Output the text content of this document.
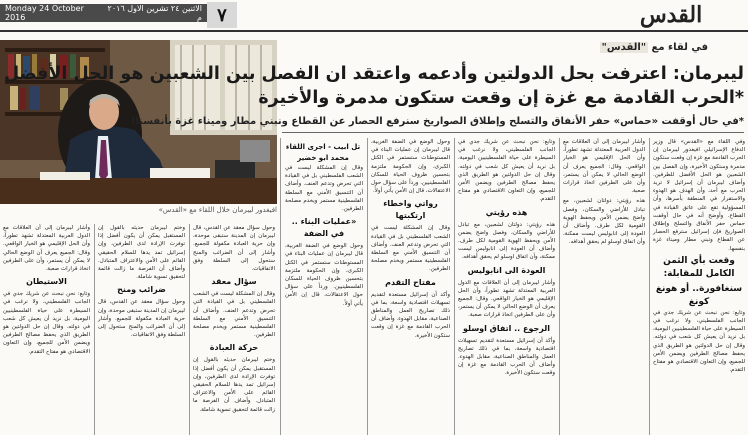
Monday 24 October 2016
الاثنين ٢٤ تشرين الاول ٢٠١٦ م ٧	القدس
في لقاء مع "القدس"
افيغدور ليبرمان خلال اللقاء مع «القدس»
ليبرمان: اعترفت بحل الدولتين وأدعمه واعتقد ان الفصل بين الشعبين هو الحل الأفضل
*الحرب القادمة مع غزة إن وقعت ستكون مدمرة والأخيرة
*في حال أوقفت «حماس» حفر الأنفاق والتسلح وإطلاق الصواريخ سنرفع الحصار عن القطاع ونبني مطار وميناء غزة بأنفسنا!
تل ابيب - اجرى اللقاء
محمد ابو خضير

وفي اللقاء مع «القدس» قال وزير الدفاع الإسرائيلي افيغدور ليبرمان إن الحرب القادمة مع غزة إن وقعت ستكون مدمرة وستكون الأخيرة، وإن الفصل بين الشعبين هو الحل الأفضل للطرفين. وأضاف ليبرمان أن إسرائيل لا تريد الحرب مع أحد، وأن الهدف هو الهدوء والاستقرار في المنطقة بأسرها، وأن المسؤولية تقع على عاتق القيادة في القطاع. وأوضح أنه في حال أوقفت حماس حفر الأنفاق والتسلح وإطلاق الصواريخ فإن إسرائيل سترفع الحصار عن القطاع وتبني مطار وميناء غزة بنفسها.

وقعت بأي الثمن الكامل للمقابلة:
سنغافورة.. أو هونغ كونغ

وتابع: نحن نبحث عن شريك جدي في الجانب الفلسطيني، ولا نرغب في السيطرة على حياة الفلسطينيين اليومية، بل نريد أن يعيش كل شعب في دولته. وقال إن حل الدولتين هو الطريق الذي يحفظ مصالح الطرفين ويضمن الأمن للجميع، وإن التعاون الاقتصادي هو مفتاح التقدم.

وأشار ليبرمان إلى أن العلاقات مع الدول العربية المعتدلة تشهد تطوراً، وأن الحل الإقليمي هو الخيار الواقعي. وقال: الجميع يعرف أن الوضع الحالي لا يمكن أن يستمر، وأن على الطرفين اتخاذ قرارات صعبة.

هذه رؤيتي: دولتان لشعبين، مع تبادل للأراضي والسكان، وفصل واضح يضمن الأمن ويحفظ الهوية القومية لكل طرف. وأضاف أن العودة إلى انابوليس ليست ممكنة، وأن اتفاق اوسلو لم يحقق أهدافه.

وتابع: نحن نبحث عن شريك جدي في الجانب الفلسطيني، ولا نرغب في السيطرة على حياة الفلسطينيين اليومية، بل نريد أن يعيش كل شعب في دولته. وقال إن حل الدولتين هو الطريق الذي يحفظ مصالح الطرفين ويضمن الأمن للجميع، وإن التعاون الاقتصادي هو مفتاح التقدم.

هذه رؤيتي

هذه رؤيتي: دولتان لشعبين، مع تبادل للأراضي والسكان، وفصل واضح يضمن الأمن ويحفظ الهوية القومية لكل طرف. وأضاف أن العودة إلى انابوليس ليست ممكنة، وأن اتفاق اوسلو لم يحقق أهدافه.

العودة الى انابوليس

وأشار ليبرمان إلى أن العلاقات مع الدول العربية المعتدلة تشهد تطوراً، وأن الحل الإقليمي هو الخيار الواقعي. وقال: الجميع يعرف أن الوضع الحالي لا يمكن أن يستمر، وأن على الطرفين اتخاذ قرارات صعبة.

الرجوع .. اتفاق اوسلو

وأكد أن إسرائيل مستعدة لتقديم تسهيلات اقتصادية واسعة، بما في ذلك تصاريح العمل والمناطق الصناعية، مقابل الهدوء. وأضاف أن الحرب القادمة مع غزة إن وقعت ستكون الأخيرة.

وحول الوضع في الضفة الغربية، قال ليبرمان إن عمليات البناء في المستوطنات ستستمر في الكتل الكبرى، وإن الحكومة ملتزمة بتحسين ظروف الحياة للسكان الفلسطينيين. ورداً على سؤال حول الاعتقالات، قال إن الأمن يأتي أولاً.

رواتي واخطاء ارتكبتها

وقال إن المشكلة ليست في الشعب الفلسطيني بل في القيادة التي تحرض وتدعم العنف. وأضاف أن التنسيق الأمني مع السلطة الفلسطينية مستمر ويخدم مصلحة الطرفين.

مفتاح التقدم

وأكد أن إسرائيل مستعدة لتقديم تسهيلات اقتصادية واسعة، بما في ذلك تصاريح العمل والمناطق الصناعية، مقابل الهدوء. وأضاف أن الحرب القادمة مع غزة إن وقعت ستكون الأخيرة.

وقال إن المشكلة ليست في الشعب الفلسطيني بل في القيادة التي تحرض وتدعم العنف. وأضاف أن التنسيق الأمني مع السلطة الفلسطينية مستمر ويخدم مصلحة الطرفين.

«عمليات البناء .. في الضفة

وحول الوضع في الضفة الغربية، قال ليبرمان إن عمليات البناء في المستوطنات ستستمر في الكتل الكبرى، وإن الحكومة ملتزمة بتحسين ظروف الحياة للسكان الفلسطينيين. ورداً على سؤال حول الاعتقالات، قال إن الأمن يأتي أولاً.

وحول سؤال معقد عن القدس، قال ليبرمان إن المدينة ستبقى موحدة، وإن حرية العبادة مكفولة للجميع. وأشار إلى أن الضرائب والمنح ستحول إلى السلطة وفق الاتفاقيات.

سؤال معقد

وقال إن المشكلة ليست في الشعب الفلسطيني بل في القيادة التي تحرض وتدعم العنف. وأضاف أن التنسيق الأمني مع السلطة الفلسطينية مستمر ويخدم مصلحة الطرفين.

حركة العبادة

وختم ليبرمان حديثه بالقول إن المستقبل يمكن أن يكون أفضل إذا توفرت الإرادة لدى الطرفين، وإن إسرائيل تمد يدها للسلام الحقيقي القائم على الأمن والاعتراف المتبادل. وأضاف أن الفرصة ما زالت قائمة لتحقيق تسوية شاملة.

وختم ليبرمان حديثه بالقول إن المستقبل يمكن أن يكون أفضل إذا توفرت الإرادة لدى الطرفين، وإن إسرائيل تمد يدها للسلام الحقيقي القائم على الأمن والاعتراف المتبادل. وأضاف أن الفرصة ما زالت قائمة لتحقيق تسوية شاملة.

ضرائب ومنح

وحول سؤال معقد عن القدس، قال ليبرمان إن المدينة ستبقى موحدة، وإن حرية العبادة مكفولة للجميع. وأشار إلى أن الضرائب والمنح ستحول إلى السلطة وفق الاتفاقيات.

وأشار ليبرمان إلى أن العلاقات مع الدول العربية المعتدلة تشهد تطوراً، وأن الحل الإقليمي هو الخيار الواقعي. وقال: الجميع يعرف أن الوضع الحالي لا يمكن أن يستمر، وأن على الطرفين اتخاذ قرارات صعبة.

الاستيطان

وتابع: نحن نبحث عن شريك جدي في الجانب الفلسطيني، ولا نرغب في السيطرة على حياة الفلسطينيين اليومية، بل نريد أن يعيش كل شعب في دولته. وقال إن حل الدولتين هو الطريق الذي يحفظ مصالح الطرفين ويضمن الأمن للجميع، وإن التعاون الاقتصادي هو مفتاح التقدم.
